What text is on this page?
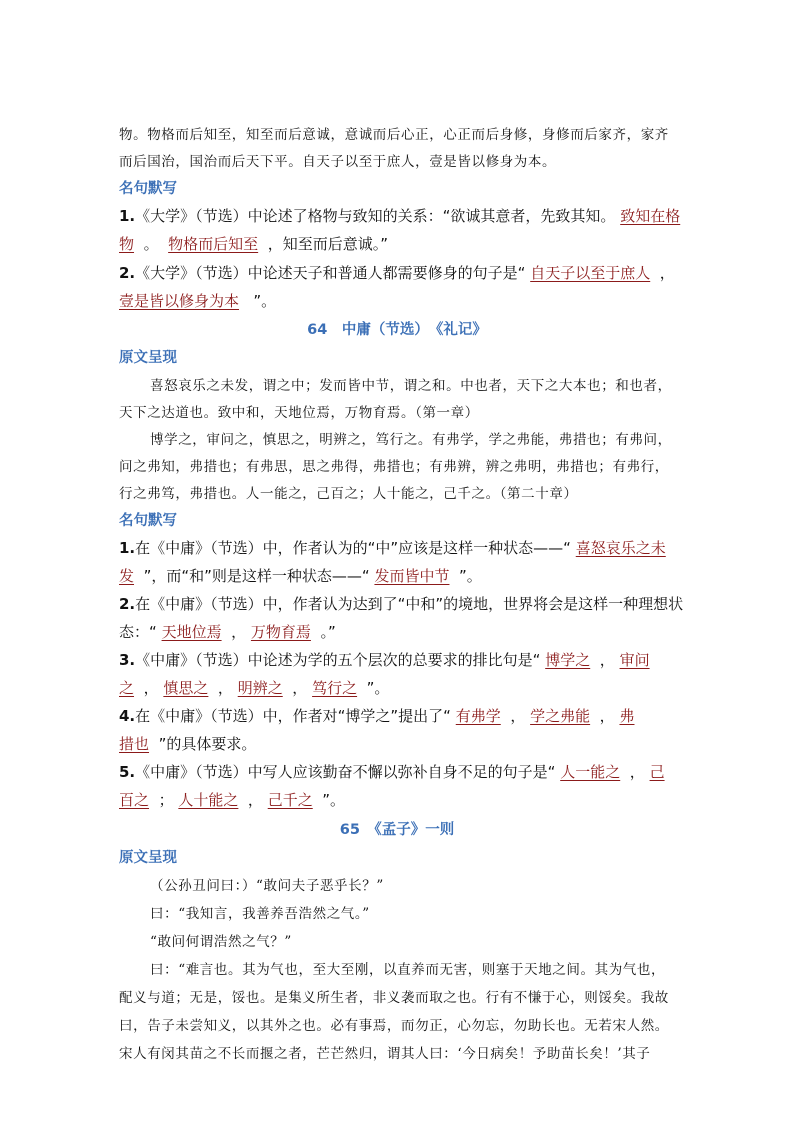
物。物格而后知至，知至而后意诚，意诚而后心正，心正而后身修，身修而后家齐，家齐
而后国治，国治而后天下平。自天子以至于庶人，壹是皆以修身为本。
名句默写
1.《大学》（节选）中论述了格物与致知的关系：“欲诚其意者，先致其知。 致知在格
物 。 物格而后知至 ，知至而后意诚。”
2.《大学》（节选）中论述天子和普通人都需要修身的句子是“ 自天子以至于庶人 ，
壹是皆以修身为本 ”。
64　中庸（节选）　《礼记》
原文呈现
喜怒哀乐之未发，谓之中；发而皆中节，谓之和。中也者，天下之大本也；和也者，
天下之达道也。致中和，天地位焉，万物育焉。（第一章）
博学之，审问之，慎思之，明辨之，笃行之。有弗学，学之弗能，弗措也；有弗问，
问之弗知，弗措也；有弗思，思之弗得，弗措也；有弗辨，辨之弗明，弗措也；有弗行，
行之弗笃，弗措也。人一能之，己百之；人十能之，己千之。（第二十章）
名句默写
1.在《中庸》（节选）中，作者认为的“中”应该是这样一种状态——“ 喜怒哀乐之未
发 ”，而“和”则是这样一种状态——“ 发而皆中节 ”。
2.在《中庸》（节选）中，作者认为达到了“中和”的境地，世界将会是这样一种理想状
态：“ 天地位焉 ， 万物育焉 。”
3.《中庸》（节选）中论述为学的五个层次的总要求的排比句是“ 博学之 ， 审问
之 ， 慎思之 ， 明辨之 ， 笃行之 ”。
4.在《中庸》（节选）中，作者对“博学之”提出了“ 有弗学 ， 学之弗能 ， 弗
措也 ”的具体要求。
5.《中庸》（节选）中写人应该勤奋不懈以弥补自身不足的句子是“ 人一能之 ， 己
百之 ； 人十能之 ， 己千之 ”。
65　《孟子》一则
原文呈现
（公孙丑问曰：）“敢问夫子恶乎长？”
曰：“我知言，我善养吾浩然之气。”
“敢问何谓浩然之气？”
曰：“难言也。其为气也，至大至刚，以直养而无害，则塞于天地之间。其为气也，
配义与道；无是，馁也。是集义所生者，非义袭而取之也。行有不慊于心，则馁矣。我故
曰，告子未尝知义，以其外之也。必有事焉，而勿正，心勿忘，勿助长也。无若宋人然。
宋人有闵其苗之不长而揠之者，芒芒然归，谓其人曰：‘今日病矣！予助苗长矣！’其子
